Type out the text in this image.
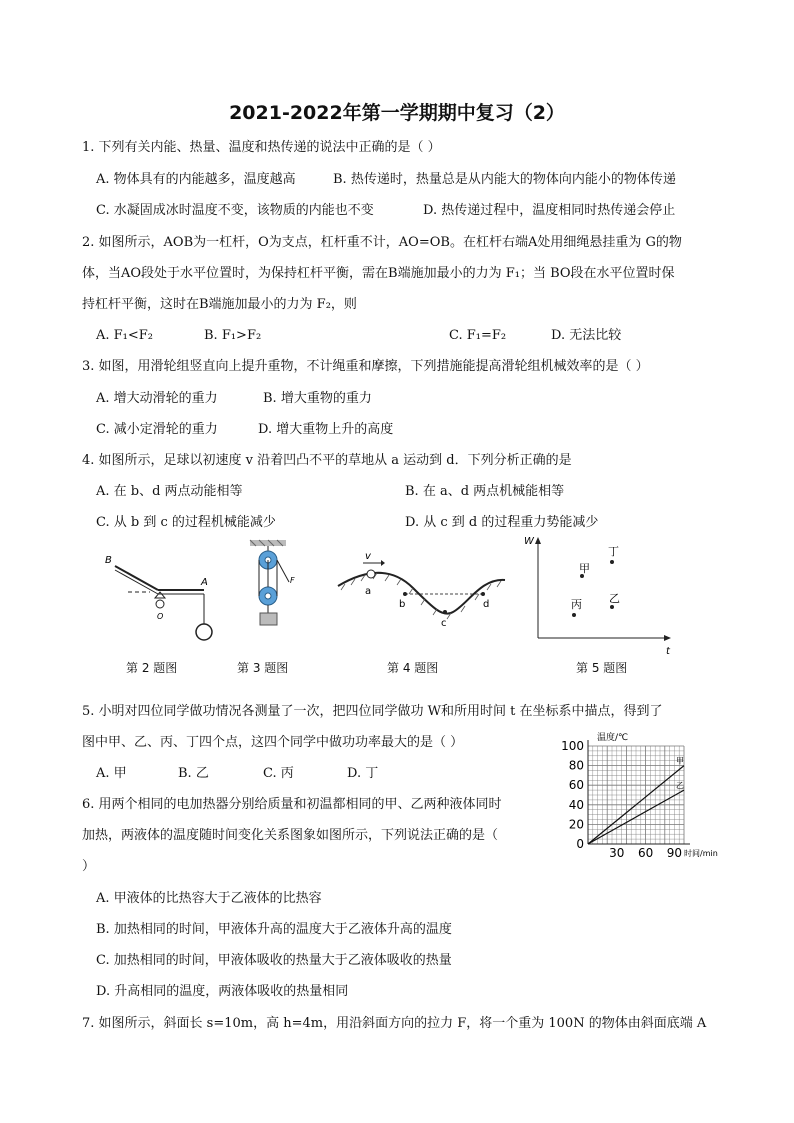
2021-2022年第一学期期中复习（2）
1. 下列有关内能、热量、温度和热传递的说法中正确的是（ ）
A. 物体具有的内能越多，温度越高	B. 热传递时，热量总是从内能大的物体向内能小的物体传递
C. 水凝固成冰时温度不变，该物质的内能也不变	D. 热传递过程中，温度相同时热传递会停止
2. 如图所示，AOB为一杠杆，O为支点，杠杆重不计，AO=OB。在杠杆右端A处用细绳悬挂重为 G的物
体，当AO段处于水平位置时，为保持杠杆平衡，需在B端施加最小的力为 F₁；当 BO段在水平位置时保
持杠杆平衡，这时在B端施加最小的力为 F₂，则
A. F₁<F₂	B. F₁>F₂	C. F₁=F₂	D. 无法比较
3. 如图，用滑轮组竖直向上提升重物，不计绳重和摩擦，下列措施能提高滑轮组机械效率的是（ ）
A. 增大动滑轮的重力	B. 增大重物的重力
C. 减小定滑轮的重力	D. 增大重物上升的高度
4. 如图所示，足球以初速度 v 沿着凹凸不平的草地从 a 运动到 d．下列分析正确的是
A. 在 b、d 两点动能相等	B. 在 a、d 两点机械能相等
C. 从 b 到 c 的过程机械能减少	D. 从 c 到 d 的过程重力势能减少
B
A
O
F
v
a
b
c
d
W
t
甲
乙
丙
丁
第 2 题图	第 3 题图	第 4 题图	第 5 题图
5. 小明对四位同学做功情况各测量了一次，把四位同学做功 W和所用时间 t 在坐标系中描点，得到了
图中甲、乙、丙、丁四个点，这四个同学中做功功率最大的是（ ）
A. 甲	B. 乙	C. 丙	D. 丁
6. 用两个相同的电加热器分别给质量和初温都相同的甲、乙两种液体同时
加热，两液体的温度随时间变化关系图象如图所示，下列说法正确的是（
）
A. 甲液体的比热容大于乙液体的比热容
B. 加热相同的时间，甲液体升高的温度大于乙液体升高的温度
C. 加热相同的时间，甲液体吸收的热量大于乙液体吸收的热量
D. 升高相同的温度，两液体吸收的热量相同
100
80
60
40
20
0
30 60 90
甲
乙
温度/℃
时间/min
7. 如图所示，斜面长 s=10m，高 h=4m，用沿斜面方向的拉力 F，将一个重为 100N 的物体由斜面底端 A
